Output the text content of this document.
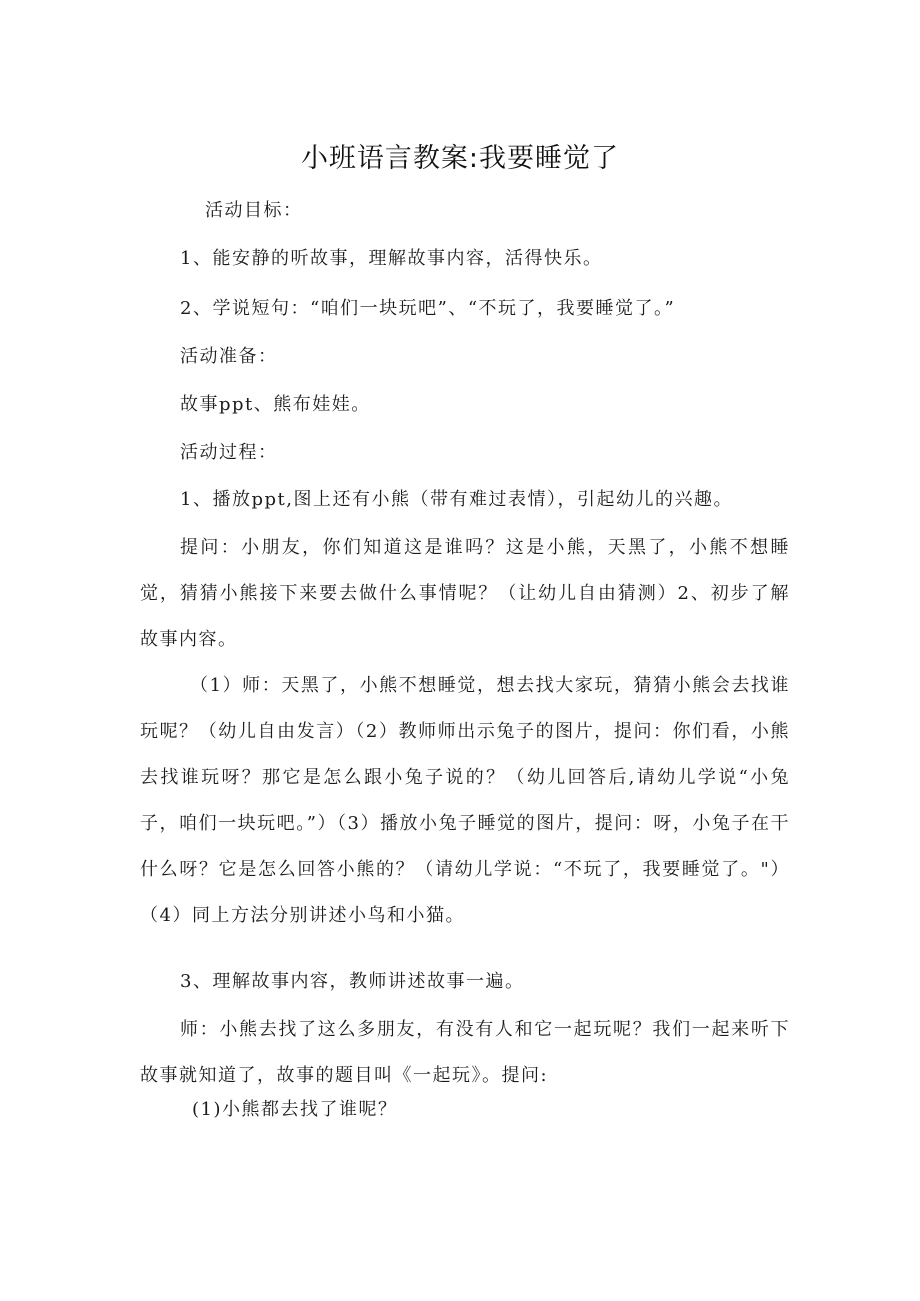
小班语言教案:我要睡觉了
活动目标：
1、能安静的听故事，理解故事内容，活得快乐。
2、学说短句：“咱们一块玩吧”、“不玩了，我要睡觉了。”
活动准备：
故事ppt、熊布娃娃。
活动过程：
1、播放ppt,图上还有小熊（带有难过表情），引起幼儿的兴趣。
提问：小朋友，你们知道这是谁吗？这是小熊，天黑了，小熊不想睡觉，猜猜小熊接下来要去做什么事情呢？（让幼儿自由猜测）2、初步了解故事内容。
（1）师：天黑了，小熊不想睡觉，想去找大家玩，猜猜小熊会去找谁玩呢？（幼儿自由发言）（2）教师师出示兔子的图片，提问：你们看，小熊去找谁玩呀？那它是怎么跟小兔子说的？（幼儿回答后,请幼儿学说“小兔子，咱们一块玩吧。”）（3）播放小兔子睡觉的图片，提问：呀，小兔子在干什么呀？它是怎么回答小熊的？（请幼儿学说：“不玩了，我要睡觉了。"）（4）同上方法分别讲述小鸟和小猫。
3、理解故事内容，教师讲述故事一遍。
师：小熊去找了这么多朋友，有没有人和它一起玩呢？我们一起来听下故事就知道了，故事的题目叫《一起玩》。提问:
(1)小熊都去找了谁呢？
